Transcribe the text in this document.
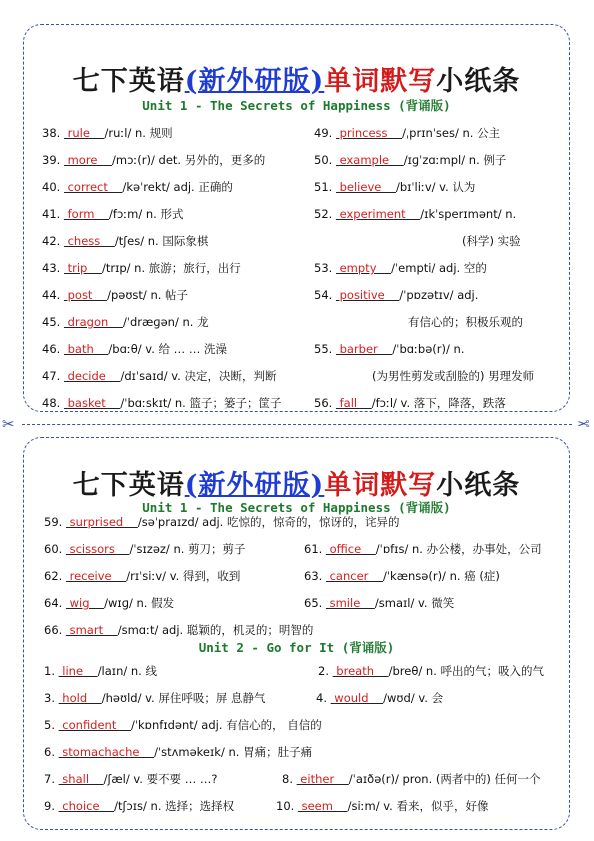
七下英语(新外研版)单词默写小纸条
Unit 1 - The Secrets of Happiness (背诵版)
38.  rule    /ruːl/ n. 规则
39.  more    /mɔː(r)/ det. 另外的，更多的
40.  correct    /kəˈrekt/ adj. 正确的
41.  form    /fɔːm/ n. 形式
42.  chess    /tʃes/ n. 国际象棋
43.  trip    /trɪp/ n. 旅游；旅行，出行
44.  post    /pəʊst/ n. 帖子
45.  dragon    /ˈdræɡən/ n. 龙
46.  bath    /bɑːθ/ v. 给 … … 洗澡
47.  decide    /dɪˈsaɪd/ v. 决定，决断，判断
48.  basket    /ˈbɑːskɪt/ n. 篮子；篓子；筐子
49.  princess    /ˌprɪnˈses/ n. 公主
50.  example    /ɪɡˈzɑːmpl/ n. 例子
51.  believe    /bɪˈliːv/ v. 认为
52.  experiment    /ɪkˈsperɪmənt/ n.
(科学) 实验
53.  empty    /ˈempti/ adj. 空的
54.  positive    /ˈpɒzətɪv/ adj.
有信心的；积极乐观的
55.  barber    /ˈbɑːbə(r)/ n.
(为男性剪发或刮脸的) 男理发师
56.  fall    /fɔːl/ v. 落下，降落，跌落
✂	✂
七下英语(新外研版)单词默写小纸条
Unit 1 - The Secrets of Happiness (背诵版)
Unit 2 - Go for It (背诵版)
59.  surprised    /səˈpraɪzd/ adj. 吃惊的，惊奇的，惊讶的，诧异的
60.  scissors    /ˈsɪzəz/ n. 剪刀；剪子	61.  office    /ˈɒfɪs/ n. 办公楼，办事处，公司
62.  receive    /rɪˈsiːv/ v. 得到，收到	63.  cancer    /ˈkænsə(r)/ n. 癌 (症)
64.  wig    /wɪɡ/ n. 假发	65.  smile    /smaɪl/ v. 微笑
66.  smart    /smɑːt/ adj. 聪颖的，机灵的；明智的
1.  line    /laɪn/ n. 线	2.  breath    /breθ/ n. 呼出的气；吸入的气
3.  hold    /həʊld/ v. 屏住呼吸；屏 息静气	4.  would    /wʊd/ v. 会
5.  confident    /ˈkɒnfɪdənt/ adj. 有信心的， 自信的
6.  stomachache    /ˈstʌməkeɪk/ n. 胃痛；肚子痛
7.  shall    /ʃæl/ v. 要不要 … …?	8.  either    /ˈaɪðə(r)/ pron. (两者中的) 任何一个
9.  choice    /tʃɔɪs/ n. 选择；选择权	10.  seem    /siːm/ v. 看来，似乎，好像
